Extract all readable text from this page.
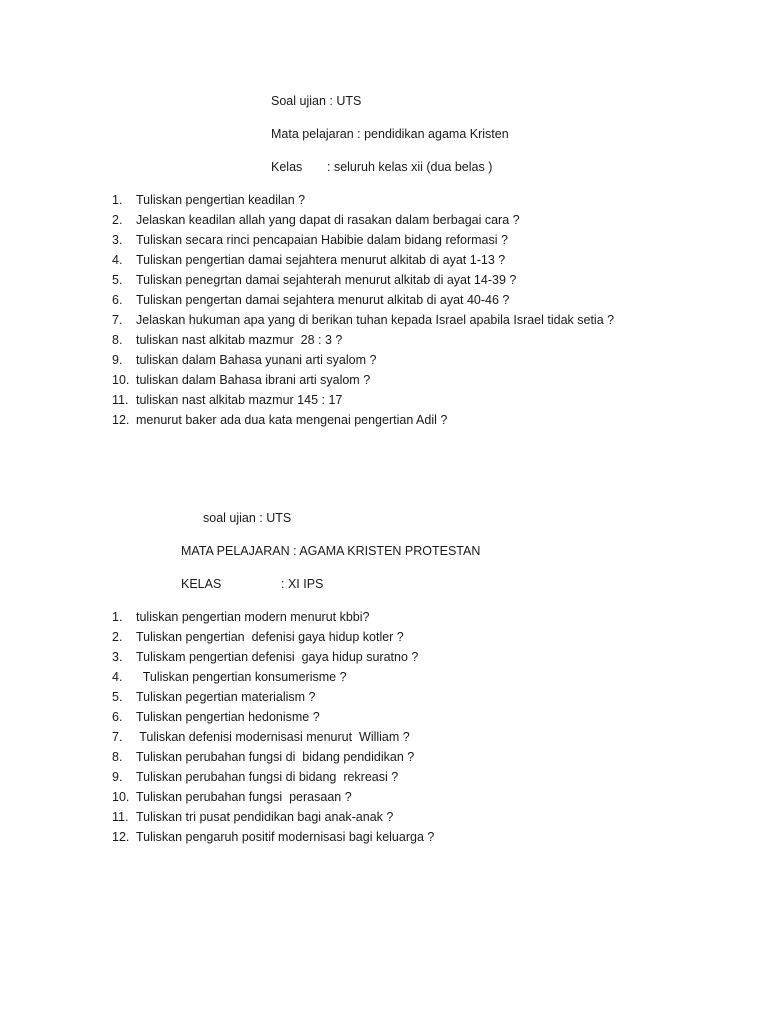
Soal ujian : UTS
Mata pelajaran : pendidikan agama Kristen
Kelas : seluruh kelas xii (dua belas )
1.	Tuliskan pengertian keadilan ?
2.	Jelaskan keadilan allah yang dapat di rasakan dalam berbagai cara ?
3.	Tuliskan secara rinci pencapaian Habibie dalam bidang reformasi ?
4.	Tuliskan pengertian damai sejahtera menurut alkitab di ayat 1-13 ?
5.	Tuliskan penegrtan damai sejahterah menurut alkitab di ayat 14-39 ?
6.	Tuliskan pengertan damai sejahtera menurut alkitab di ayat 40-46 ?
7.	Jelaskan hukuman apa yang di berikan tuhan kepada Israel apabila Israel tidak setia ?
8.	tuliskan nast alkitab mazmur  28 : 3 ?
9.	tuliskan dalam Bahasa yunani arti syalom ?
10. tuliskan dalam Bahasa ibrani arti syalom ?
11. tuliskan nast alkitab mazmur 145 : 17
12. menurut baker ada dua kata mengenai pengertian Adil ?
soal ujian : UTS
MATA PELAJARAN : AGAMA KRISTEN PROTESTAN
KELAS	: XI IPS
1.	tuliskan pengertian modern menurut kbbi?
2.	Tuliskan pengertian  defenisi gaya hidup kotler ?
3.	Tuliskam pengertian defenisi  gaya hidup suratno ?
4.	Tuliskan pengertian konsumerisme ?
5.	Tuliskan pegertian materialism ?
6.	Tuliskan pengertian hedonisme ?
7.	Tuliskan defenisi modernisasi menurut  William ?
8.	Tuliskan perubahan fungsi di  bidang pendidikan ?
9.	Tuliskan perubahan fungsi di bidang  rekreasi ?
10. Tuliskan perubahan fungsi  perasaan ?
11. Tuliskan tri pusat pendidikan bagi anak-anak ?
12. Tuliskan pengaruh positif modernisasi bagi keluarga ?
